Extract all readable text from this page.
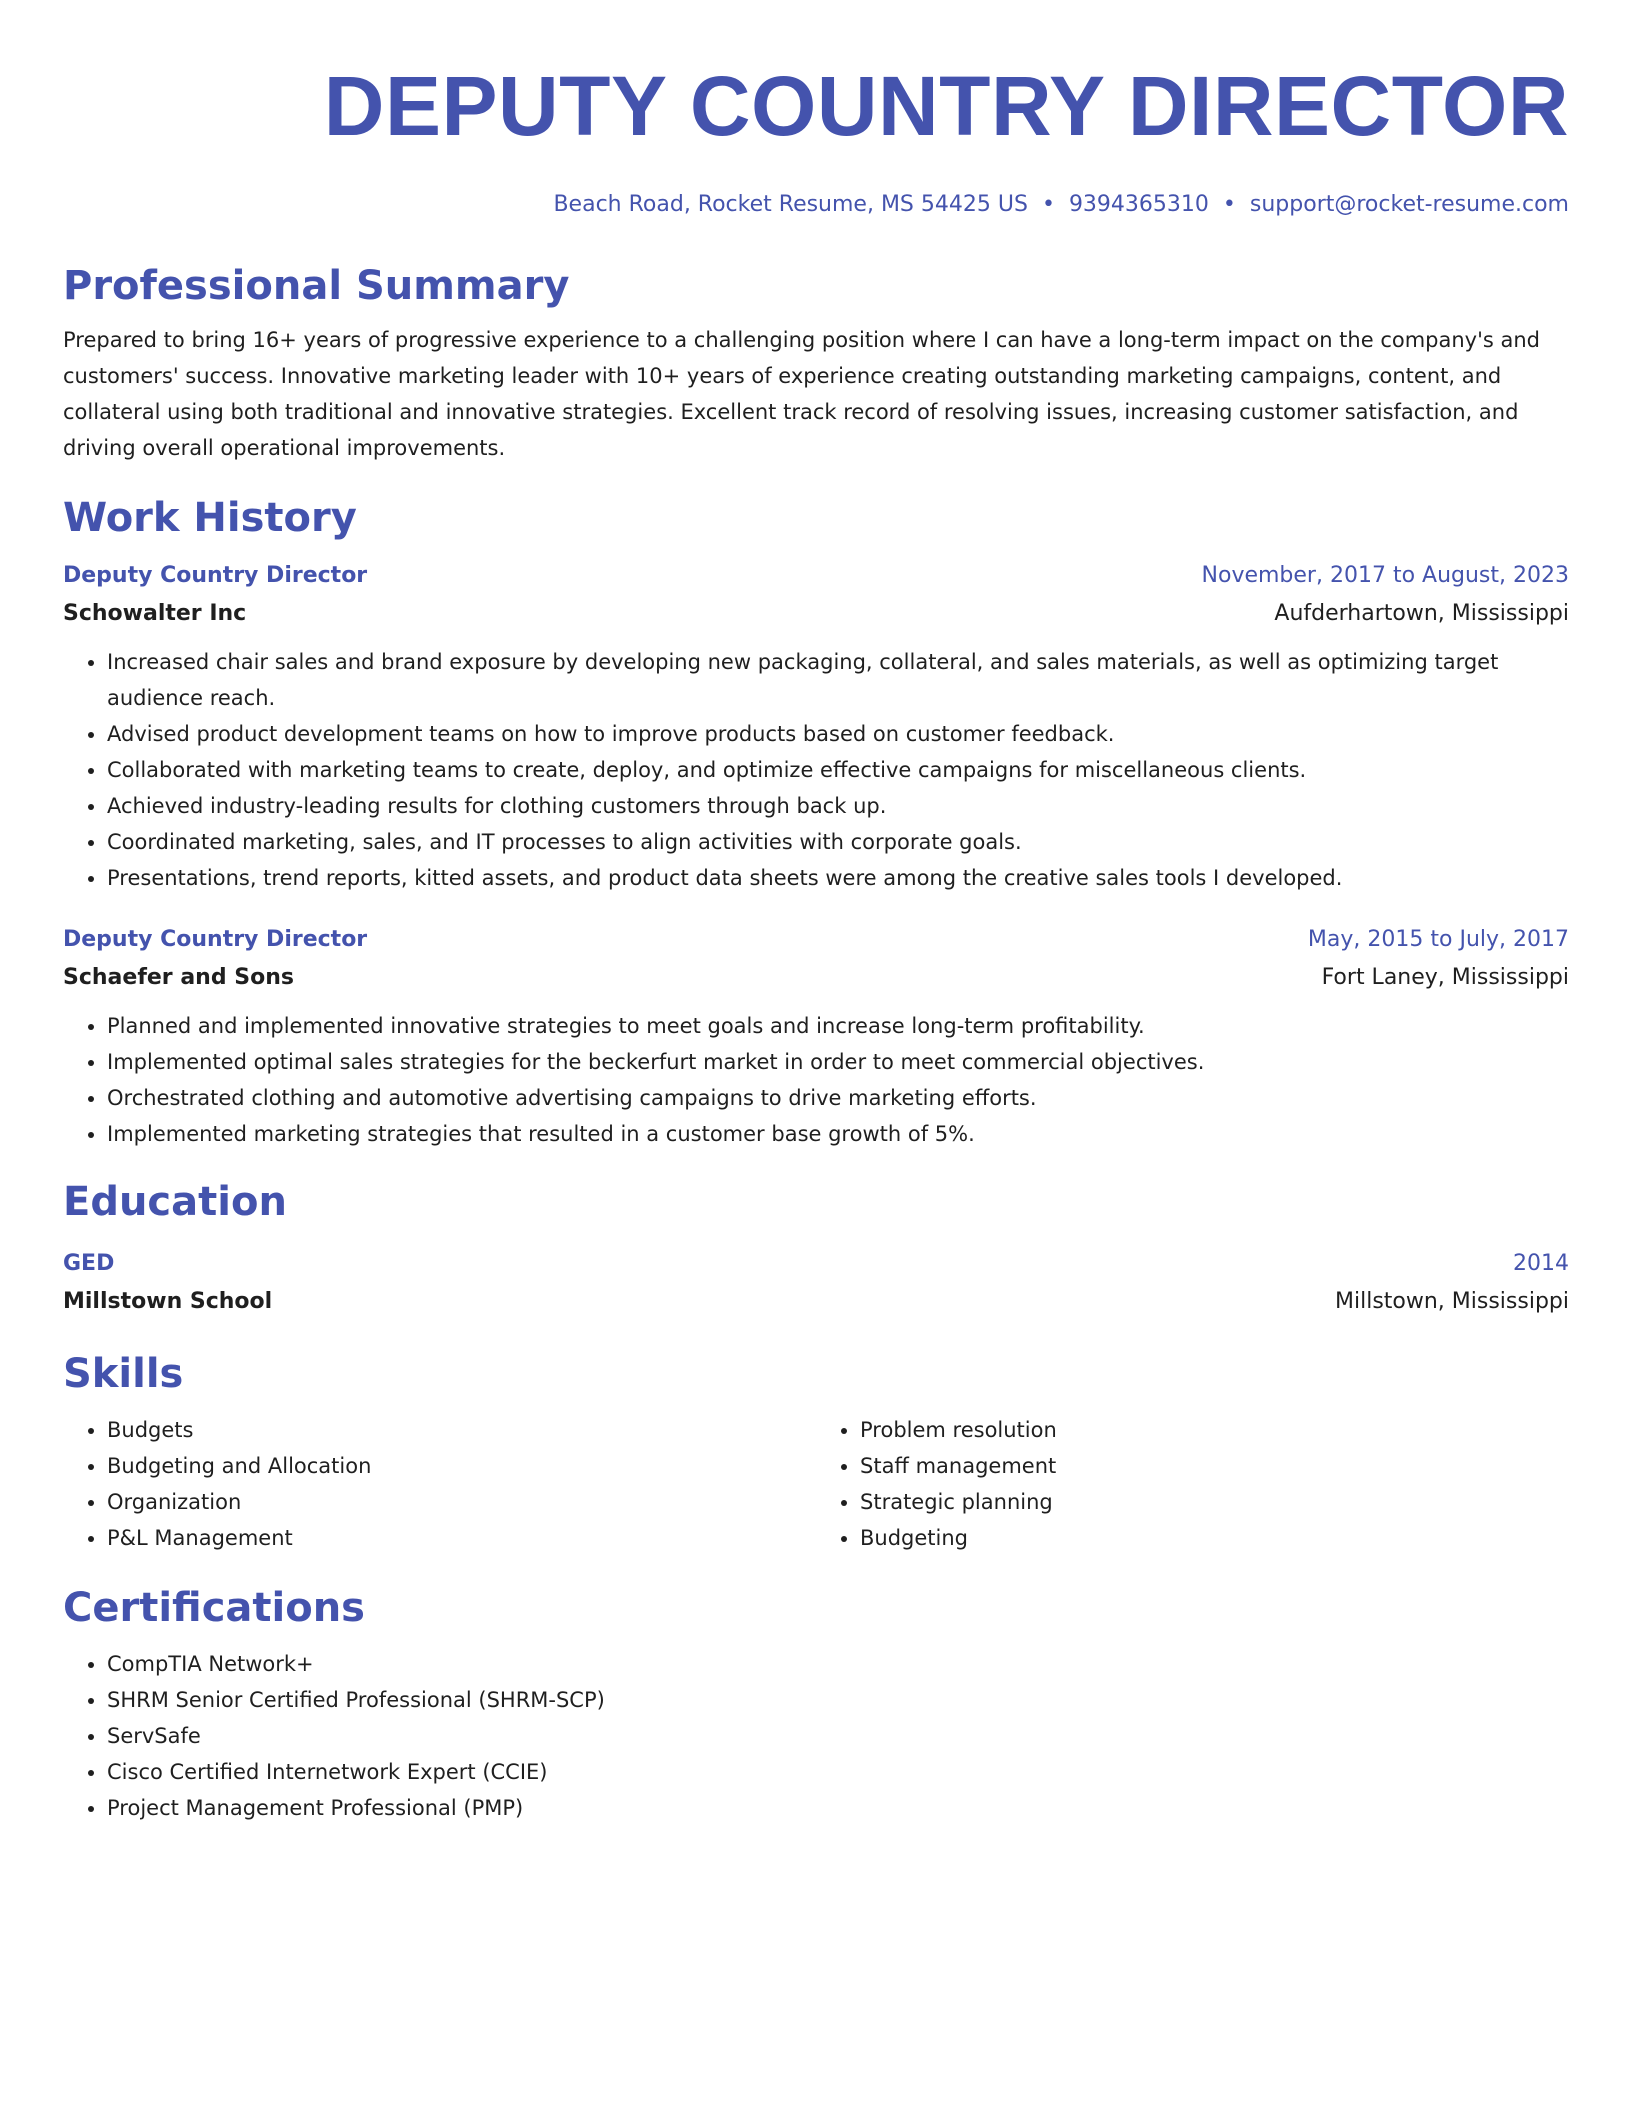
DEPUTY COUNTRY DIRECTOR
Beach Road, Rocket Resume, MS 54425 US • 9394365310 • support@rocket-resume.com
Professional Summary
Prepared to bring 16+ years of progressive experience to a challenging position where I can have a long-term impact on the company's and customers' success. Innovative marketing leader with 10+ years of experience creating outstanding marketing campaigns, content, and collateral using both traditional and innovative strategies. Excellent track record of resolving issues, increasing customer satisfaction, and driving overall operational improvements.
Work History
Deputy Country Director	November, 2017 to August, 2023
Schowalter Inc	Aufderhartown, Mississippi
• Increased chair sales and brand exposure by developing new packaging, collateral, and sales materials, as well as optimizing target audience reach.
• Advised product development teams on how to improve products based on customer feedback.
• Collaborated with marketing teams to create, deploy, and optimize effective campaigns for miscellaneous clients.
• Achieved industry-leading results for clothing customers through back up.
• Coordinated marketing, sales, and IT processes to align activities with corporate goals.
• Presentations, trend reports, kitted assets, and product data sheets were among the creative sales tools I developed.
Deputy Country Director	May, 2015 to July, 2017
Schaefer and Sons	Fort Laney, Mississippi
• Planned and implemented innovative strategies to meet goals and increase long-term profitability.
• Implemented optimal sales strategies for the beckerfurt market in order to meet commercial objectives.
• Orchestrated clothing and automotive advertising campaigns to drive marketing efforts.
• Implemented marketing strategies that resulted in a customer base growth of 5%.
Education
GED	2014
Millstown School	Millstown, Mississippi
Skills
• Budgets
• Budgeting and Allocation
• Organization
• P&L Management
• Problem resolution
• Staff management
• Strategic planning
• Budgeting
Certifications
• CompTIA Network+
• SHRM Senior Certified Professional (SHRM-SCP)
• ServSafe
• Cisco Certified Internetwork Expert (CCIE)
• Project Management Professional (PMP)
